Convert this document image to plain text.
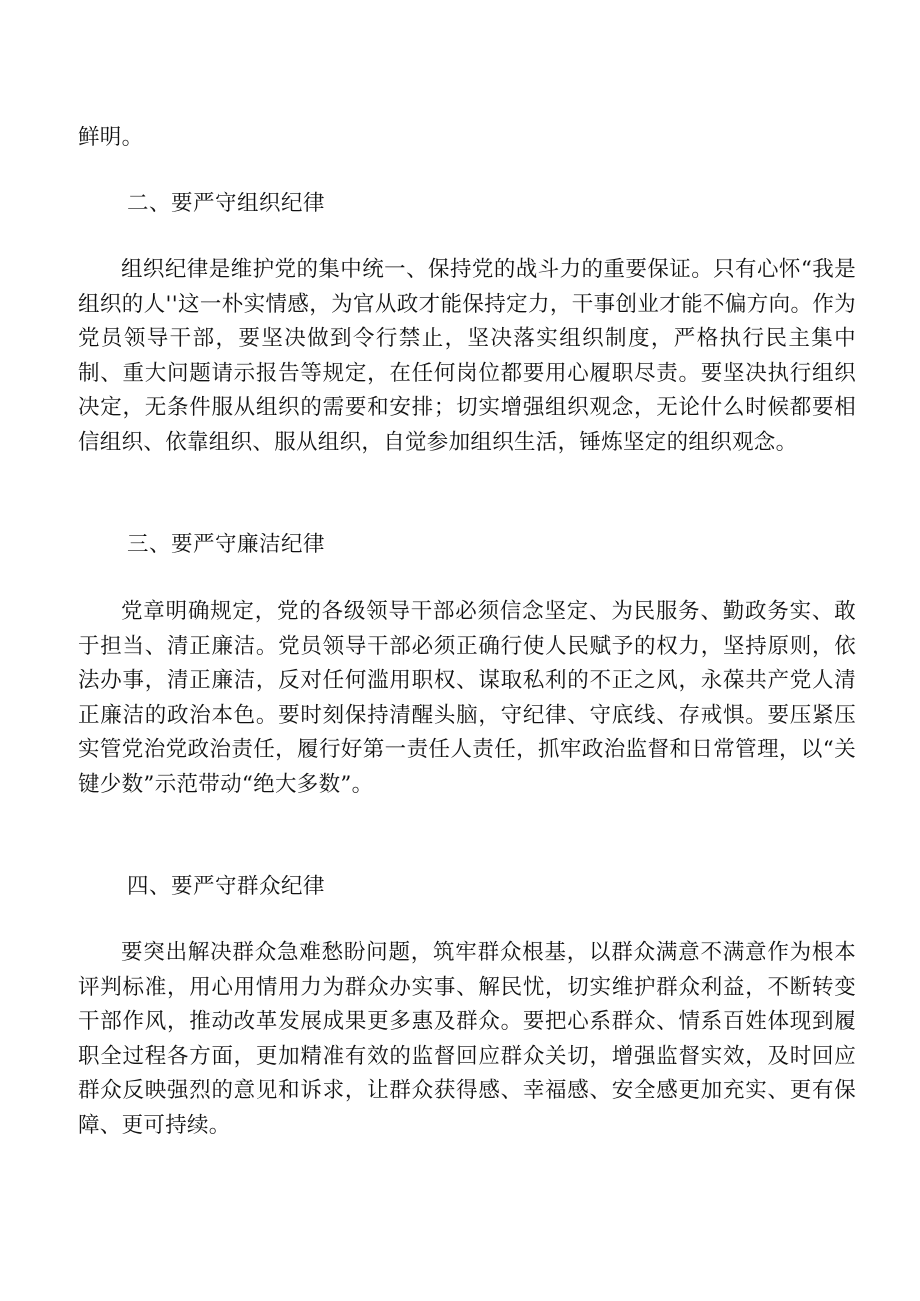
鲜明。

二、要严守组织纪律

组织纪律是维护党的集中统一、保持党的战斗力的重要保证。只有心怀“我是组织的人''这一朴实情感，为官从政才能保持定力，干事创业才能不偏方向。作为党员领导干部，要坚决做到令行禁止，坚决落实组织制度，严格执行民主集中制、重大问题请示报告等规定，在任何岗位都要用心履职尽责。要坚决执行组织决定，无条件服从组织的需要和安排；切实增强组织观念，无论什么时候都要相信组织、依靠组织、服从组织，自觉参加组织生活，锤炼坚定的组织观念。

三、要严守廉洁纪律

党章明确规定，党的各级领导干部必须信念坚定、为民服务、勤政务实、敢于担当、清正廉洁。党员领导干部必须正确行使人民赋予的权力，坚持原则，依法办事，清正廉洁，反对任何滥用职权、谋取私利的不正之风，永葆共产党人清正廉洁的政治本色。要时刻保持清醒头脑，守纪律、守底线、存戒惧。要压紧压实管党治党政治责任，履行好第一责任人责任，抓牢政治监督和日常管理，以“关键少数”示范带动“绝大多数”。

四、要严守群众纪律

要突出解决群众急难愁盼问题，筑牢群众根基，以群众满意不满意作为根本评判标准，用心用情用力为群众办实事、解民忧，切实维护群众利益，不断转变干部作风，推动改革发展成果更多惠及群众。要把心系群众、情系百姓体现到履职全过程各方面，更加精准有效的监督回应群众关切，增强监督实效，及时回应群众反映强烈的意见和诉求，让群众获得感、幸福感、安全感更加充实、更有保障、更可持续。
